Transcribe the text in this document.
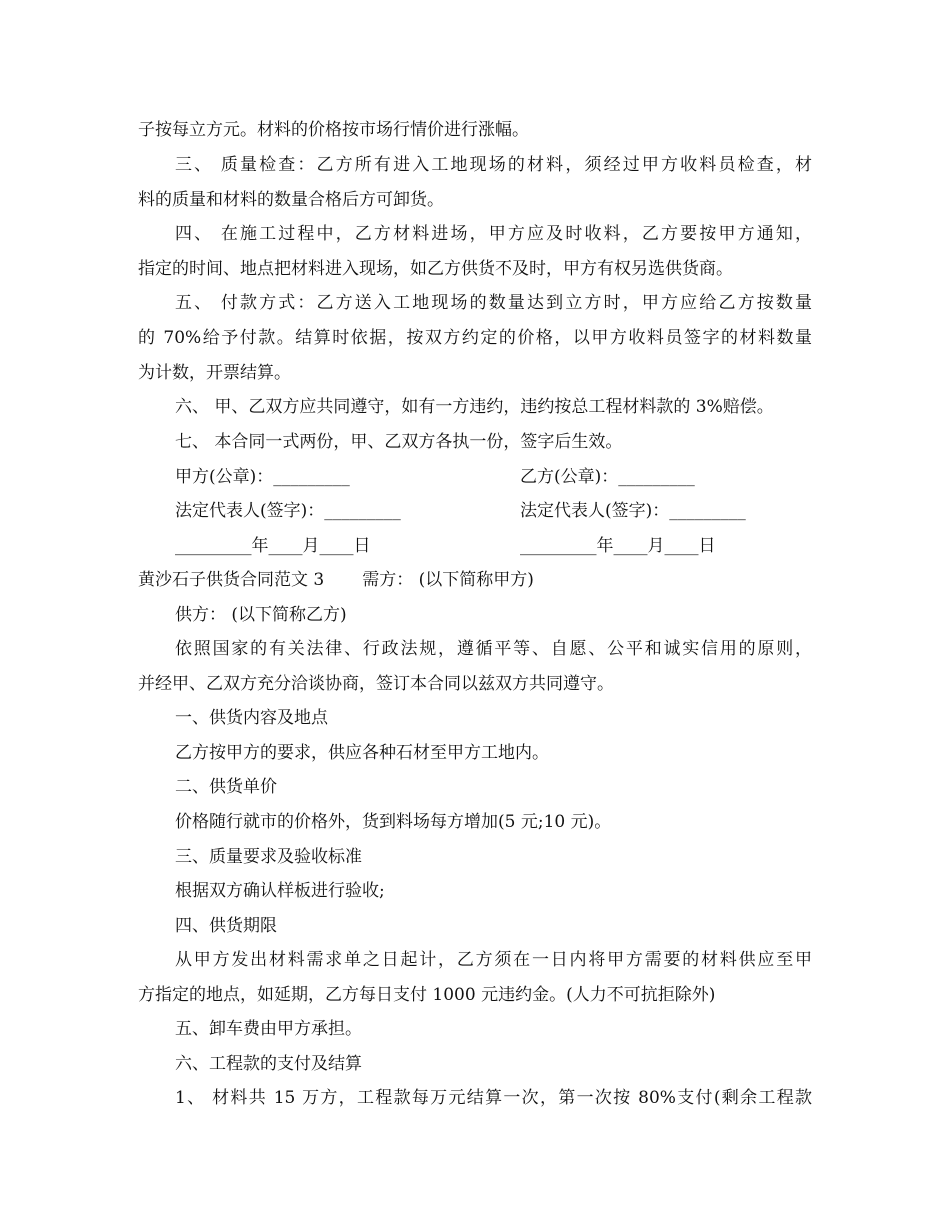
子按每立方元。材料的价格按市场行情价进行涨幅。
三、 质量检查：乙方所有进入工地现场的材料，须经过甲方收料员检查，材
料的质量和材料的数量合格后方可卸货。
四、 在施工过程中，乙方材料进场，甲方应及时收料，乙方要按甲方通知，
指定的时间、地点把材料进入现场，如乙方供货不及时，甲方有权另选供货商。
五、 付款方式：乙方送入工地现场的数量达到立方时，甲方应给乙方按数量
的 70%给予付款。结算时依据，按双方约定的价格，以甲方收料员签字的材料数量
为计数，开票结算。
六、 甲、乙双方应共同遵守，如有一方违约，违约按总工程材料款的 3%赔偿。
七、 本合同一式两份，甲、乙双方各执一份，签字后生效。
甲方(公章)：_________	乙方(公章)：_________
法定代表人(签字)：_________	法定代表人(签字)：_________
_________年____月____日	_________年____月____日
黄沙石子供货合同范文 3 需方： (以下简称甲方)
供方： (以下简称乙方)
依照国家的有关法律、行政法规，遵循平等、自愿、公平和诚实信用的原则，
并经甲、乙双方充分洽谈协商，签订本合同以兹双方共同遵守。
一、供货内容及地点
乙方按甲方的要求，供应各种石材至甲方工地内。
二、供货单价
价格随行就市的价格外，货到料场每方增加(5 元;10 元)。
三、质量要求及验收标准
根据双方确认样板进行验收;
四、供货期限
从甲方发出材料需求单之日起计，乙方须在一日内将甲方需要的材料供应至甲
方指定的地点，如延期，乙方每日支付 1000 元违约金。(人力不可抗拒除外)
五、卸车费由甲方承担。
六、工程款的支付及结算
1、 材料共 15 万方，工程款每万元结算一次，第一次按 80%支付(剩余工程款
